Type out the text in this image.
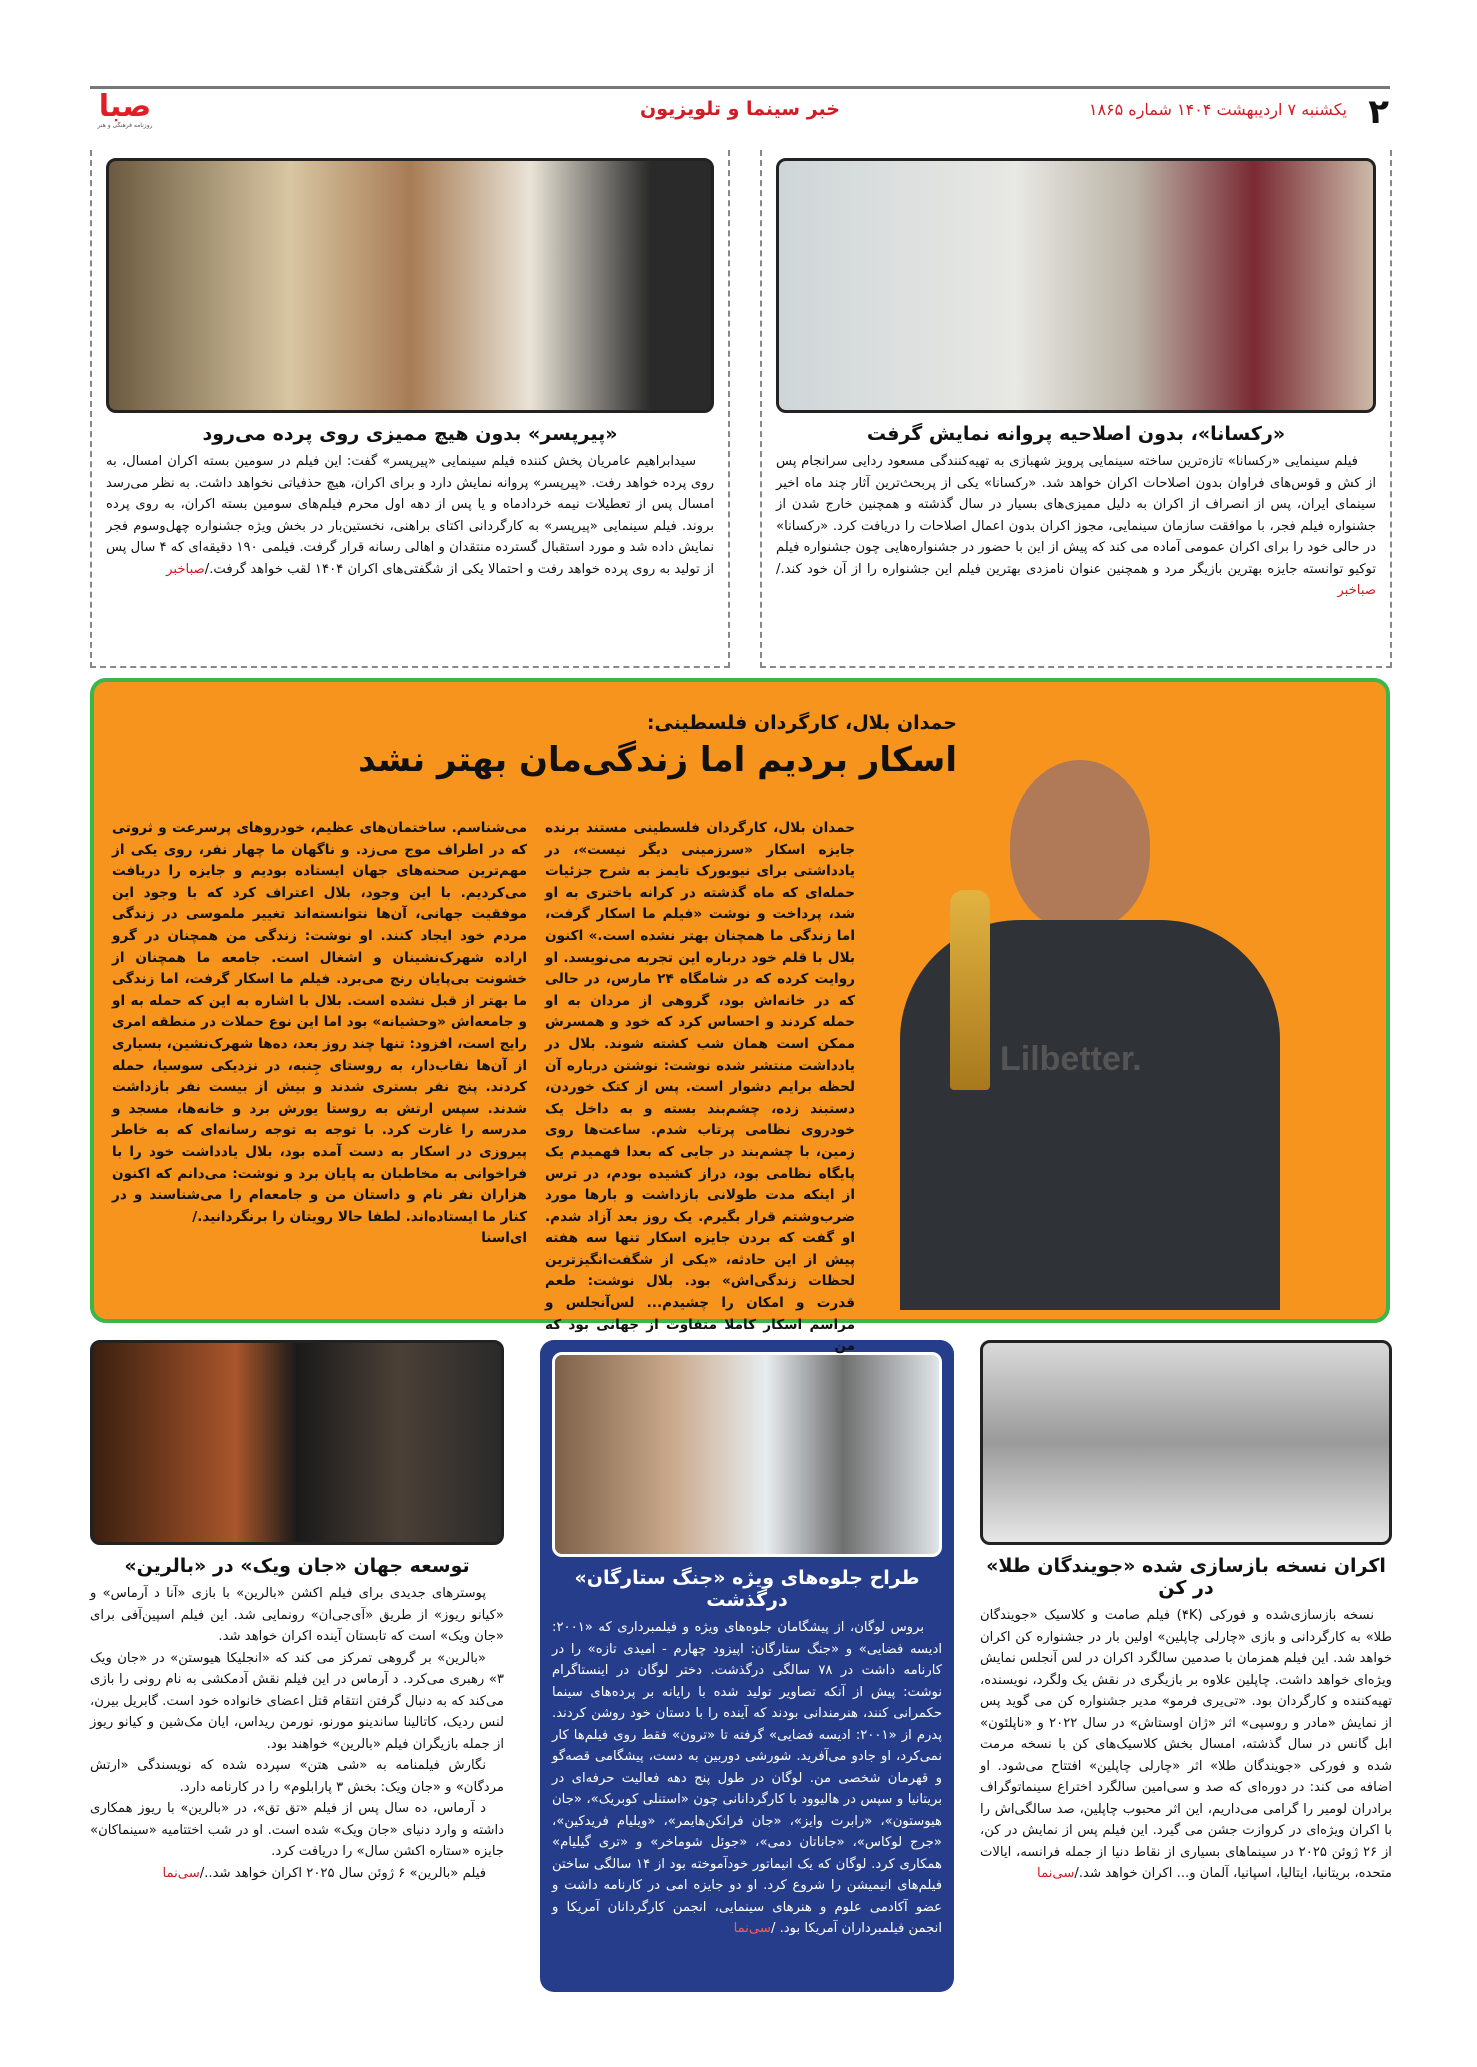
۲
یکشنبه ۷ اردیبهشت ۱۴۰۴ شماره ۱۸۶۵
خبر سینما و تلویزیون
صبا
روزنامه فرهنگی و هنر
«رکسانا»، بدون اصلاحیه پروانه نمایش گرفت

فیلم سینمایی «رکسانا» تازه‌ترین ساخته سینمایی پرویز شهبازی به تهیه‌کنندگی مسعود ردایی سرانجام پس از کش و قوس‌های فراوان بدون اصلاحات اکران خواهد شد. «رکسانا» یکی از پربحث‌ترین آثار چند ماه اخیر سینمای ایران، پس از انصراف از اکران به دلیل ممیزی‌های بسیار در سال گذشته و همچنین خارج شدن از جشنواره فیلم فجر، با موافقت سازمان سینمایی، مجوز اکران بدون اعمال اصلاحات را دریافت کرد. «رکسانا» در حالی خود را برای اکران عمومی آماده می کند که پیش از این با حضور در جشنواره‌هایی چون جشنواره فیلم توکیو توانسته جایزه بهترین بازیگر مرد و همچنین عنوان نامزدی بهترین فیلم این جشنواره را از آن خود کند./صباخبر

«پیرپسر» بدون هیچ ممیزی روی پرده می‌رود

سیدابراهیم عامریان پخش کننده فیلم سینمایی «پیرپسر» گفت: این فیلم در سومین بسته اکران امسال، به روی پرده خواهد رفت. «پیرپسر» پروانه نمایش دارد و برای اکران، هیچ حذفیاتی نخواهد داشت. به نظر می‌رسد امسال پس از تعطیلات نیمه خردادماه و یا پس از دهه اول محرم فیلم‌های سومین بسته اکران، به روی پرده بروند. فیلم سینمایی «پیرپسر» به کارگردانی اکتای براهنی، نخستین‌بار در بخش ویژه جشنواره چهل‌وسوم فجر نمایش داده شد و مورد استقبال گسترده منتقدان و اهالی رسانه قرار گرفت. فیلمی ۱۹۰ دقیقه‌ای که ۴ سال پس از تولید به روی پرده خواهد رفت و احتمالا یکی از شگفتی‌های اکران ۱۴۰۴ لقب خواهد گرفت./صباخبر

حمدان بلال، کارگردان فلسطینی:
اسکار بردیم اما زندگی‌مان بهتر نشد
Lilbetter.
حمدان بلال، کارگردان فلسطینی مستند برنده جایزه اسکار «سرزمینی دیگر نیست»، در یادداشتی برای نیویورک تایمز به شرح جزئیات حمله‌ای که ماه گذشته در کرانه باختری به او شد، پرداخت و نوشت «فیلم ما اسکار گرفت، اما زندگی ما همچنان بهتر نشده است.» اکنون بلال با قلم خود درباره این تجربه می‌نویسد. او روایت کرده که در شامگاه ۲۴ مارس، در حالی که در خانه‌اش بود، گروهی از مردان به او حمله کردند و احساس کرد که خود و همسرش ممکن است همان شب کشته شوند. بلال در یادداشت منتشر شده نوشت: نوشتن درباره آن لحظه برایم دشوار است. پس از کتک خوردن، دستبند زده، چشم‌بند بسته و به داخل یک خودروی نظامی پرتاب شدم. ساعت‌ها روی زمین، با چشم‌بند در جایی که بعدا فهمیدم یک پایگاه نظامی بود، دراز کشیده بودم، در ترس از اینکه مدت طولانی بازداشت و بارها مورد ضرب‌وشتم قرار بگیرم. یک روز بعد آزاد شدم. او گفت که بردن جایزه اسکار تنها سه هفته پیش از این حادثه، «یکی از شگفت‌انگیزترین لحظات زندگی‌اش» بود. بلال نوشت: طعم قدرت و امکان را چشیدم... لس‌آنجلس و مراسم اسکار کاملا متفاوت از جهانی بود که من
می‌شناسم. ساختمان‌های عظیم، خودروهای پرسرعت و ثروتی که در اطراف موج می‌زد. و ناگهان ما چهار نفر، روی یکی از مهم‌ترین صحنه‌های جهان ایستاده بودیم و جایزه را دریافت می‌کردیم. با این وجود، بلال اعتراف کرد که با وجود این موفقیت جهانی، آن‌ها نتوانسته‌اند تغییر ملموسی در زندگی مردم خود ایجاد کنند. او نوشت: زندگی من همچنان در گرو اراده شهرک‌نشینان و اشغال است. جامعه ما همچنان از خشونت بی‌پایان رنج می‌برد. فیلم ما اسکار گرفت، اما زندگی ما بهتر از قبل نشده است. بلال با اشاره به این که حمله به او و جامعه‌اش «وحشیانه» بود اما این نوع حملات در منطقه امری رایج است، افزود: تنها چند روز بعد، ده‌ها شهرک‌نشین، بسیاری از آن‌ها نقاب‌دار، به روستای جِنبه، در نزدیکی سوسیا، حمله کردند. پنج نفر بستری شدند و بیش از بیست نفر بازداشت شدند. سپس ارتش به روستا یورش برد و خانه‌ها، مسجد و مدرسه را غارت کرد. با توجه به توجه رسانه‌ای که به خاطر پیروزی در اسکار به دست آمده بود، بلال یادداشت خود را با فراخوانی به مخاطبان به پایان برد و نوشت: می‌دانم که اکنون هزاران نفر نام و داستان من و جامعه‌ام را می‌شناسند و در کنار ما ایستاده‌اند. لطفا حالا رویتان را برنگردانید./
ای‌اسنا
اکران نسخه بازسازی شده «جویندگان طلا» در کن

نسخه بازسازی‌شده و فورکی (۴K) فیلم صامت و کلاسیک «جویندگان طلا» به کارگردانی و بازی «چارلی چاپلین» اولین بار در جشنواره کن اکران خواهد شد. این فیلم همزمان با صدمین سالگرد اکران در لس آنجلس نمایش ویژه‌ای خواهد داشت. چاپلین علاوه بر بازیگری در نقش یک ولگرد، نویسنده، تهیه‌کننده و کارگردان بود. «تی‌یری فرمو» مدیر جشنواره کن می گوید پس از نمایش «مادر و روسپی» اثر «ژان اوستاش» در سال ۲۰۲۲ و «ناپلئون» ابل گانس در سال گذشته، امسال بخش کلاسیک‌های کن با نسخه مرمت شده و فورکی «جویندگان طلا» اثر «چارلی چاپلین» افتتاح می‌شود. او اضافه می کند: در دوره‌ای که صد و سی‌امین سالگرد اختراع سینماتوگراف برادران لومیر را گرامی می‌داریم، این اثر محبوب چاپلین، صد سالگی‌اش را با اکران ویژه‌ای در کروازت جشن می گیرد. این فیلم پس از نمایش در کن، از ۲۶ ژوئن ۲۰۲۵ در سینماهای بسیاری از نقاط دنیا از جمله فرانسه، ایالات متحده، بریتانیا، ایتالیا، اسپانیا، آلمان و... اکران خواهد شد./سی‌نما

طراح جلوه‌های ویژه «جنگ ستارگان» درگذشت

بروس لوگان، از پیشگامان جلوه‌های ویژه و فیلمبرداری که «۲۰۰۱: ادیسه فضایی» و «جنگ ستارگان: اپیزود چهارم - امیدی تازه» را در کارنامه داشت در ۷۸ سالگی درگذشت. دختر لوگان در اینستاگرام نوشت: پیش از آنکه تصاویر تولید شده با رایانه بر پرده‌های سینما حکمرانی کنند، هنرمندانی بودند که آینده را با دستان خود روشن کردند. پدرم از «۲۰۰۱: ادیسه فضایی» گرفته تا «ترون» فقط روی فیلم‌ها کار نمی‌کرد، او جادو می‌آفرید. شورشی دوربین به دست، پیشگامی قصه‌گو و قهرمان شخصی من. لوگان در طول پنج دهه فعالیت حرفه‌ای در بریتانیا و سپس در هالیوود با کارگردانانی چون «استنلی کوبریک»، «جان هیوستون»، «رابرت وایز»، «جان فرانکن‌هایمر»، «ویلیام فریدکین»، «جرج لوکاس»، «جاناتان دمی»، «جوئل شوماخر» و «تری گیلیام» همکاری کرد. لوگان که یک انیماتور خودآموخته بود از ۱۴ سالگی ساختن فیلم‌های انیمیشن را شروع کرد. او دو جایزه امی در کارنامه داشت و عضو آکادمی علوم و هنرهای سینمایی، انجمن کارگردانان آمریکا و انجمن فیلمبرداران آمریکا بود. /سی‌نما

توسعه جهان «جان ویک» در «بالرین»

پوسترهای جدیدی برای فیلم اکشن «بالرین» با بازی «آنا د آرماس» و «کیانو ریوز» از طریق «آی‌جی‌ان» رونمایی شد. این فیلم اسپین‌آفی برای «جان ویک» است که تابستان آینده اکران خواهد شد.

«بالرین» بر گروهی تمرکز می کند که «انجلیکا هیوستن» در «جان ویک ۳» رهبری می‌کرد. د آرماس در این فیلم نقش آدمکشی به نام رونی را بازی می‌کند که به دنبال گرفتن انتقام قتل اعضای خانواده خود است. گابریل بیرن، لنس ردیک، کاتالینا ساندینو مورنو، نورمن ریداس، ایان مک‌شین و کیانو ریوز از جمله بازیگران فیلم «بالرین» خواهند بود.

نگارش فیلمنامه به «شی هتن» سپرده شده که نویسندگی «ارتش مردگان» و «جان ویک: بخش ۳ پارابلوم» را در کارنامه دارد.

د آرماس، ده سال پس از فیلم «تق تق»، در «بالرین» با ریوز همکاری داشته و وارد دنیای «جان ویک» شده است. او در شب اختتامیه «سینماکان» جایزه «ستاره اکشن سال» را دریافت کرد.

فیلم «بالرین» ۶ ژوئن سال ۲۰۲۵ اکران خواهد شد../سی‌نما
